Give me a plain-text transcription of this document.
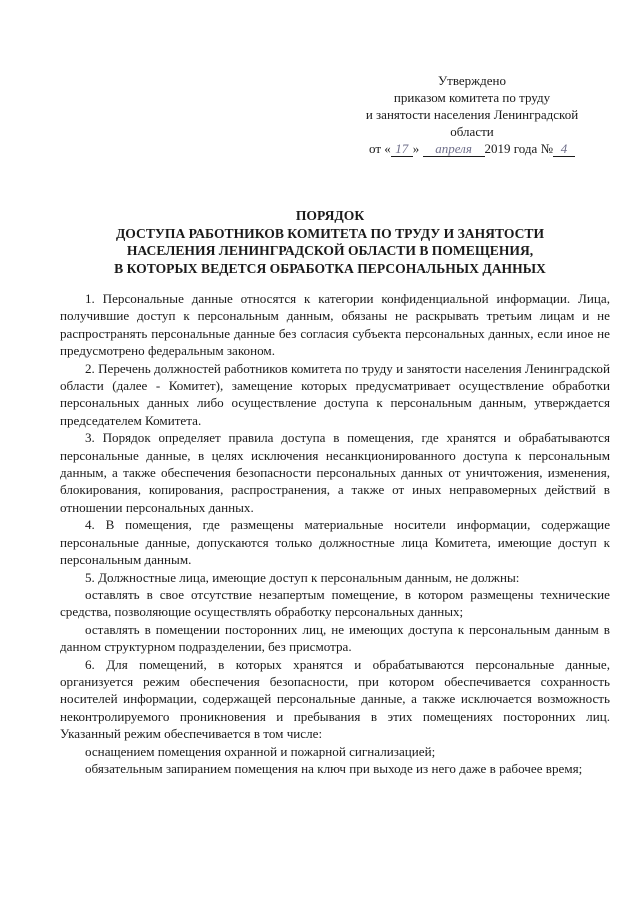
Утверждено
приказом комитета по труду
и занятости населения Ленинградской
области
от « 17 » апреля 2019 года № 4
ПОРЯДОК
ДОСТУПА РАБОТНИКОВ КОМИТЕТА ПО ТРУДУ И ЗАНЯТОСТИ
НАСЕЛЕНИЯ ЛЕНИНГРАДСКОЙ ОБЛАСТИ В ПОМЕЩЕНИЯ,
В КОТОРЫХ ВЕДЕТСЯ ОБРАБОТКА ПЕРСОНАЛЬНЫХ ДАННЫХ

1. Персональные данные относятся к категории конфиденциальной информации. Лица, получившие доступ к персональным данным, обязаны не раскрывать третьим лицам и не распространять персональные данные без согласия субъекта персональных данных, если иное не предусмотрено федеральным законом.

2. Перечень должностей работников комитета по труду и занятости населения Ленинградской области (далее - Комитет), замещение которых предусматривает осуществление обработки персональных данных либо осуществление доступа к персональным данным, утверждается председателем Комитета.

3. Порядок определяет правила доступа в помещения, где хранятся и обрабатываются персональные данные, в целях исключения несанкционированного доступа к персональным данным, а также обеспечения безопасности персональных данных от уничтожения, изменения, блокирования, копирования, распространения, а также от иных неправомерных действий в отношении персональных данных.

4. В помещения, где размещены материальные носители информации, содержащие персональные данные, допускаются только должностные лица Комитета, имеющие доступ к персональным данным.

5. Должностные лица, имеющие доступ к персональным данным, не должны:

оставлять в свое отсутствие незапертым помещение, в котором размещены технические средства, позволяющие осуществлять обработку персональных данных;

оставлять в помещении посторонних лиц, не имеющих доступа к персональным данным в данном структурном подразделении, без присмотра.

6. Для помещений, в которых хранятся и обрабатываются персональные данные, организуется режим обеспечения безопасности, при котором обеспечивается сохранность носителей информации, содержащей персональные данные, а также исключается возможность неконтролируемого проникновения и пребывания в этих помещениях посторонних лиц. Указанный режим обеспечивается в том числе:

оснащением помещения охранной и пожарной сигнализацией;

обязательным запиранием помещения на ключ при выходе из него даже в рабочее время;
